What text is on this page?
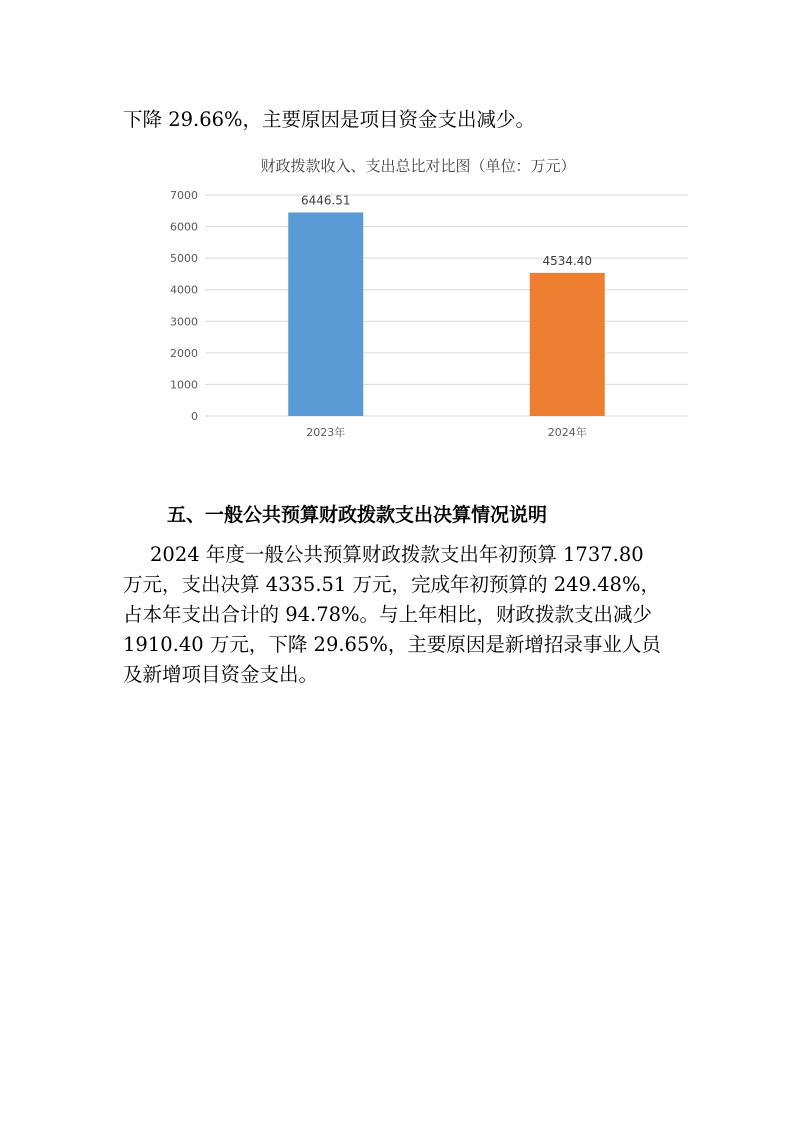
下降 29.66%，主要原因是项目资金支出减少。

财政拨款收入、支出总比对比图（单位：万元）
0
1000
2000
3000
4000
5000
6000
7000	6446.51
4534.40
2023年	2024年
五、一般公共预算财政拨款支出决算情况说明

2024 年度一般公共预算财政拨款支出年初预算 1737.80
万元，支出决算 4335.51 万元，完成年初预算的 249.48%，
占本年支出合计的 94.78%。与上年相比，财政拨款支出减少
1910.40 万元，下降 29.65%，主要原因是新增招录事业人员
及新增项目资金支出。
